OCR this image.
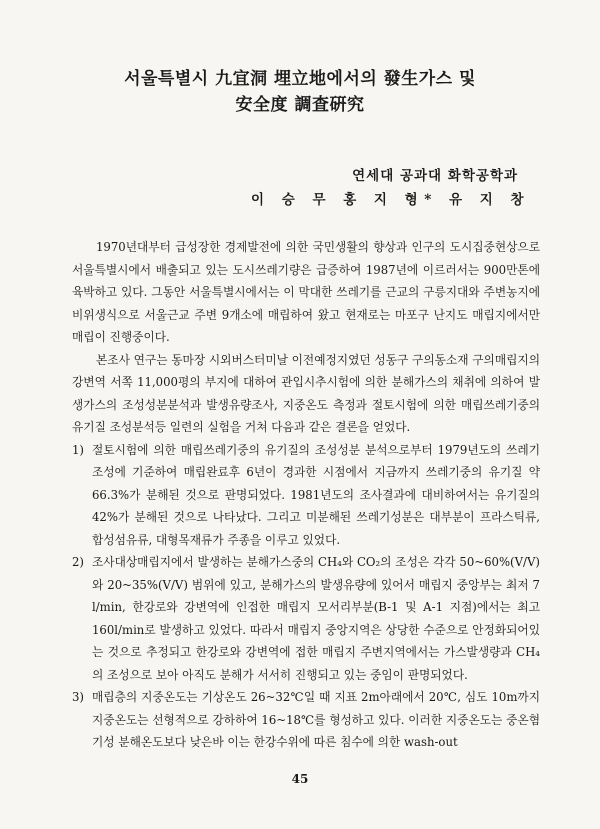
서울특별시 九宜洞 埋立地에서의 發生가스 및
安全度 調査硏究
연세대 공과대 화학공학과
이 승 무 홍 지 형* 유 지 창

1970년대부터 급성장한 경제발전에 의한 국민생활의 향상과 인구의 도시집중현상으로 서울특별시에서 배출되고 있는 도시쓰레기량은 급증하여 1987년에 이르러서는 900만톤에 육박하고 있다. 그동안 서울특별시에서는 이 막대한 쓰레기를 근교의 구릉지대와 주변농지에 비위생식으로 서울근교 주변 9개소에 매립하여 왔고 현재로는 마포구 난지도 매립지에서만 매립이 진행중이다.

본조사 연구는 동마장 시외버스터미날 이전예정지였던 성동구 구의동소재 구의매립지의 강변역 서쪽 11,000평의 부지에 대하여 관입시추시험에 의한 분해가스의 채취에 의하여 발생가스의 조성성분분석과 발생유량조사, 지중온도 측정과 절토시험에 의한 매립쓰레기중의 유기질 조성분석등 일련의 실험을 거쳐 다음과 같은 결론을 얻었다.

1) 절토시험에 의한 매립쓰레기중의 유기질의 조성성분 분석으로부터 1979년도의 쓰레기조성에 기준하여 매립완료후 6년이 경과한 시점에서 지금까지 쓰레기중의 유기질 약 66.3%가 분해된 것으로 판명되었다. 1981년도의 조사결과에 대비하여서는 유기질의 42%가 분해된 것으로 나타났다. 그리고 미분해된 쓰레기성분은 대부분이 프라스틱류, 합성섬유류, 대형목재류가 주종을 이루고 있었다.
2) 조사대상매립지에서 발생하는 분해가스중의 CH₄와 CO₂의 조성은 각각 50~60%(V/V)와 20~35%(V/V) 범위에 있고, 분해가스의 발생유량에 있어서 매립지 중앙부는 최저 7 l/min, 한강로와 강변역에 인접한 매립지 모서리부분(B-1 및 A-1 지점)에서는 최고 160l/min로 발생하고 있었다. 따라서 매립지 중앙지역은 상당한 수준으로 안정화되어있는 것으로 추정되고 한강로와 강변역에 접한 매립지 주변지역에서는 가스발생량과 CH₄의 조성으로 보아 아직도 분해가 서서히 진행되고 있는 중임이 판명되었다.
3) 매립층의 지중온도는 기상온도 26~32℃일 때 지표 2m아래에서 20℃, 심도 10m까지 지중온도는 선형적으로 강하하여 16~18℃를 형성하고 있다. 이러한 지중온도는 중온혐기성 분해온도보다 낮은바 이는 한강수위에 따른 침수에 의한 wash-out
45
